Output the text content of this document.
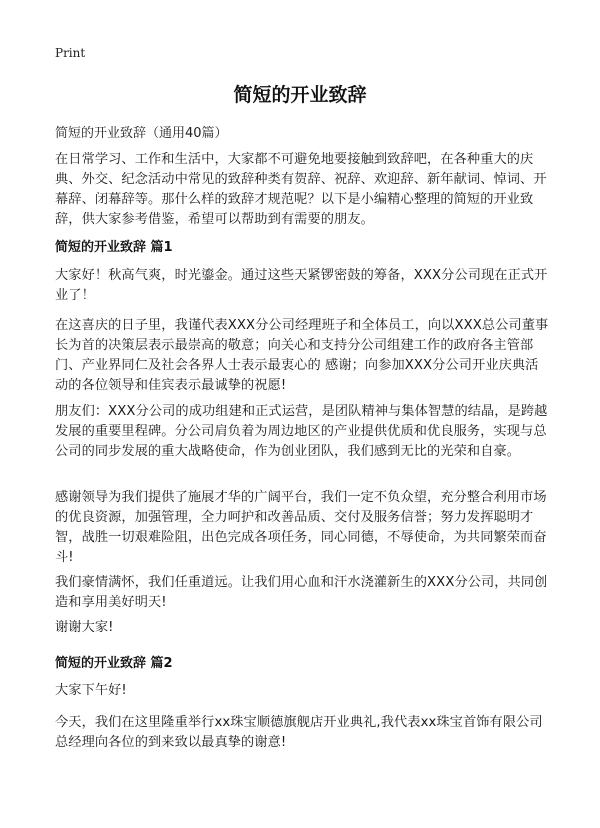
Print
简短的开业致辞
简短的开业致辞（通用40篇）
在日常学习、工作和生活中，大家都不可避免地要接触到致辞吧，在各种重大的庆典、外交、纪念活动中常见的致辞种类有贺辞、祝辞、欢迎辞、新年献词、悼词、开幕辞、闭幕辞等。那什么样的致辞才规范呢？以下是小编精心整理的简短的开业致辞，供大家参考借鉴，希望可以帮助到有需要的朋友。
简短的开业致辞 篇1
大家好！秋高气爽，时光鎏金。通过这些天紧锣密鼓的筹备，XXX分公司现在正式开业了！
在这喜庆的日子里，我谨代表XXX分公司经理班子和全体员工，向以XXX总公司董事长为首的决策层表示最崇高的敬意；向关心和支持分公司组建工作的政府各主管部门、产业界同仁及社会各界人士表示最衷心的 感谢；向参加XXX分公司开业庆典活动的各位领导和佳宾表示最诚挚的祝愿!
朋友们：XXX分公司的成功组建和正式运营，是团队精神与集体智慧的结晶，是跨越发展的重要里程碑。分公司肩负着为周边地区的产业提供优质和优良服务，实现与总公司的同步发展的重大战略使命，作为创业团队，我们感到无比的光荣和自豪。
感谢领导为我们提供了施展才华的广阔平台，我们一定不负众望，充分整合利用市场的优良资源，加强管理，全力呵护和改善品质、交付及服务信誉；努力发挥聪明才智，战胜一切艰难险阻，出色完成各项任务，同心同德，不辱使命，为共同繁荣而奋斗!
我们豪情满怀，我们任重道远。让我们用心血和汗水浇灌新生的XXX分公司，共同创造和享用美好明天!
谢谢大家!
简短的开业致辞 篇2
大家下午好!
今天，我们在这里隆重举行xx珠宝顺德旗舰店开业典礼,我代表xx珠宝首饰有限公司总经理向各位的到来致以最真挚的谢意!
